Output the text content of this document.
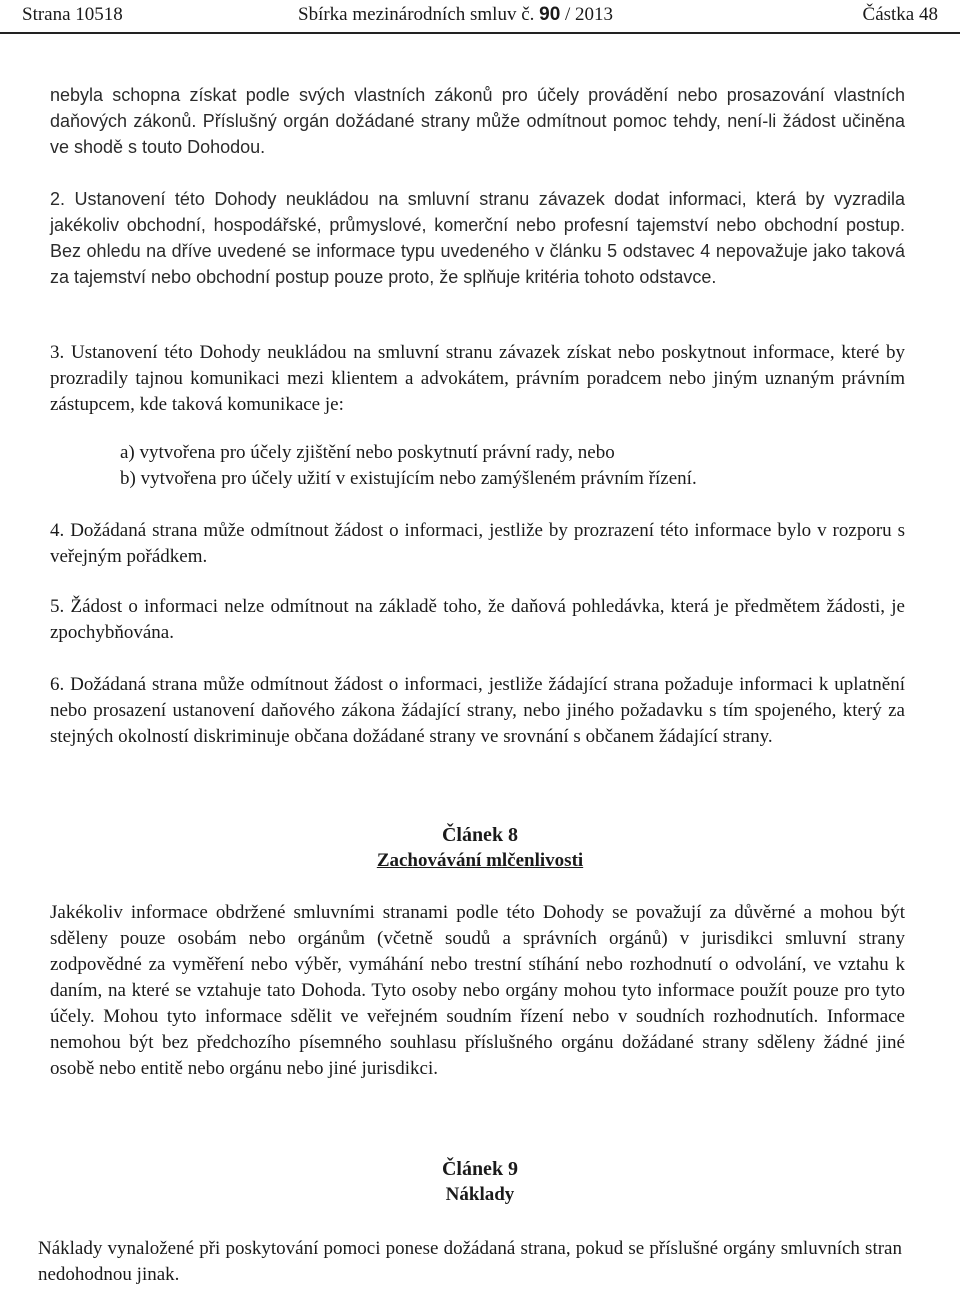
Strana 10518	Sbírka mezinárodních smluv č. 90 / 2013	Částka 48

nebyla schopna získat podle svých vlastních zákonů pro účely provádění nebo prosazování vlastních daňových zákonů. Příslušný orgán dožádané strany může odmítnout pomoc tehdy, není-li žádost učiněna ve shodě s touto Dohodou.

2. Ustanovení této Dohody neukládou na smluvní stranu závazek dodat informaci, která by vyzradila jakékoliv obchodní, hospodářské, průmyslové, komerční nebo profesní tajemství nebo obchodní postup. Bez ohledu na dříve uvedené se informace typu uvedeného v článku 5 odstavec 4 nepovažuje jako taková za tajemství nebo obchodní postup pouze proto, že splňuje kritéria tohoto odstavce.

3. Ustanovení této Dohody neukládou na smluvní stranu závazek získat nebo poskytnout informace, které by prozradily tajnou komunikaci mezi klientem a advokátem, právním poradcem nebo jiným uznaným právním zástupcem, kde taková komunikace je:

a) vytvořena pro účely zjištění nebo poskytnutí právní rady, nebo

b) vytvořena pro účely užití v existujícím nebo zamýšleném právním řízení.

4. Dožádaná strana může odmítnout žádost o informaci, jestliže by prozrazení této informace bylo v rozporu s veřejným pořádkem.

5. Žádost o informaci nelze odmítnout na základě toho, že daňová pohledávka, která je předmětem žádosti, je zpochybňována.

6. Dožádaná strana může odmítnout žádost o informaci, jestliže žádající strana požaduje informaci k uplatnění nebo prosazení ustanovení daňového zákona žádající strany, nebo jiného požadavku s tím spojeného, který za stejných okolností diskriminuje občana dožádané strany ve srovnání s občanem žádající strany.

Článek 8

Zachovávání mlčenlivosti

Jakékoliv informace obdržené smluvními stranami podle této Dohody se považují za důvěrné a mohou být sděleny pouze osobám nebo orgánům (včetně soudů a správních orgánů) v jurisdikci smluvní strany zodpovědné za vyměření nebo výběr, vymáhání nebo trestní stíhání nebo rozhodnutí o odvolání, ve vztahu k daním, na které se vztahuje tato Dohoda. Tyto osoby nebo orgány mohou tyto informace použít pouze pro tyto účely. Mohou tyto informace sdělit ve veřejném soudním řízení nebo v soudních rozhodnutích. Informace nemohou být bez předchozího písemného souhlasu příslušného orgánu dožádané strany sděleny žádné jiné osobě nebo entitě nebo orgánu nebo jiné jurisdikci.

Článek 9

Náklady

Náklady vynaložené při poskytování pomoci ponese dožádaná strana, pokud se příslušné orgány smluvních stran nedohodnou jinak.
